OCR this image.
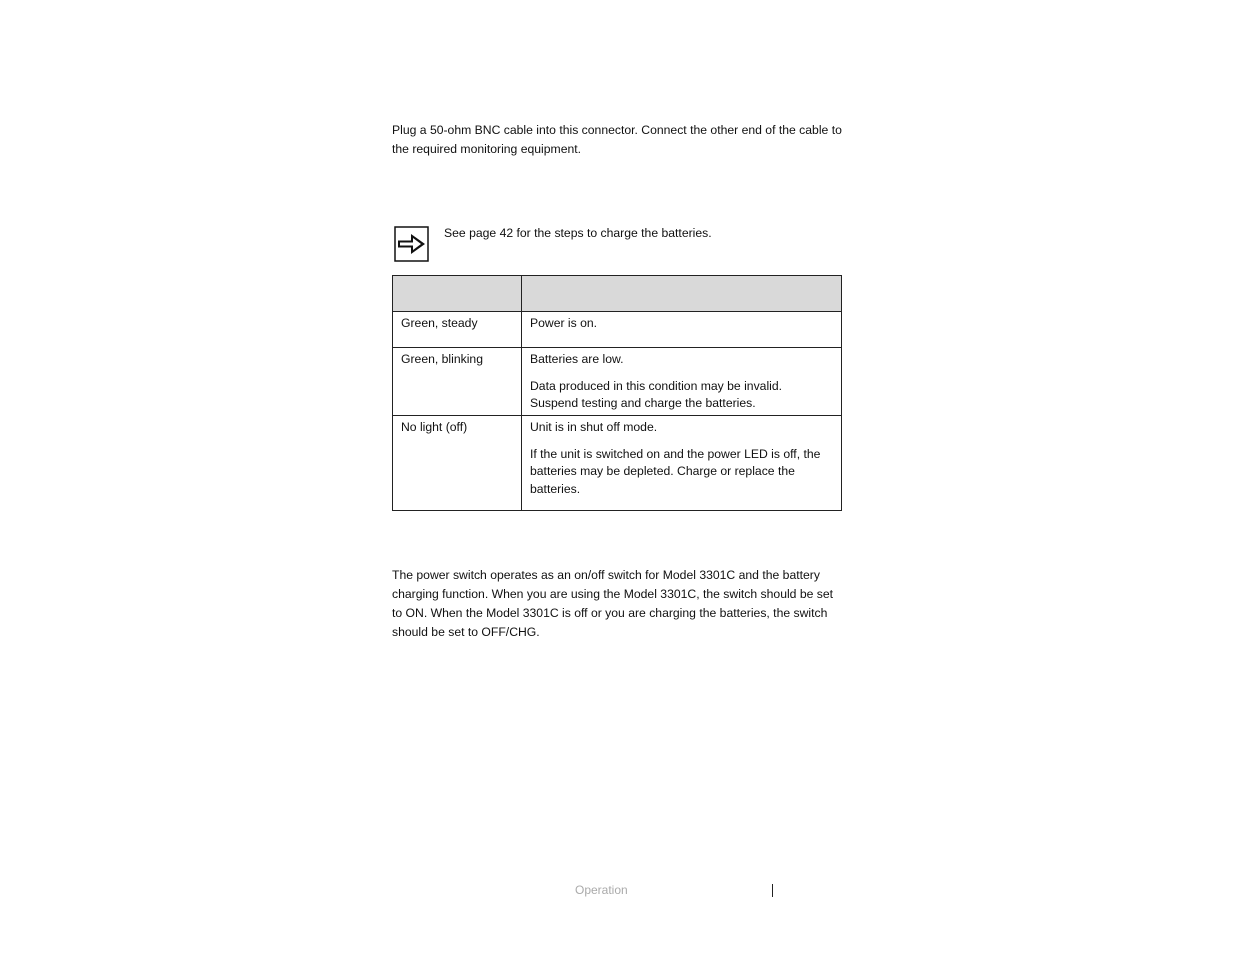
Plug a 50-ohm BNC cable into this connector. Connect the other end of the cable to the required monitoring equipment.

See page 42 for the steps to charge the batteries.

Green, steady	Power is on.

Green, blinking	Batteries are low.

Data produced in this condition may be invalid. Suspend testing and charge the batteries.

No light (off)	Unit is in shut off mode.

If the unit is switched on and the power LED is off, the batteries may be depleted. Charge or replace the batteries.

The power switch operates as an on/off switch for Model 3301C and the battery charging function. When you are using the Model 3301C, the switch should be set to ON. When the Model 3301C is off or you are charging the batteries, the switch should be set to OFF/CHG.

Operation
